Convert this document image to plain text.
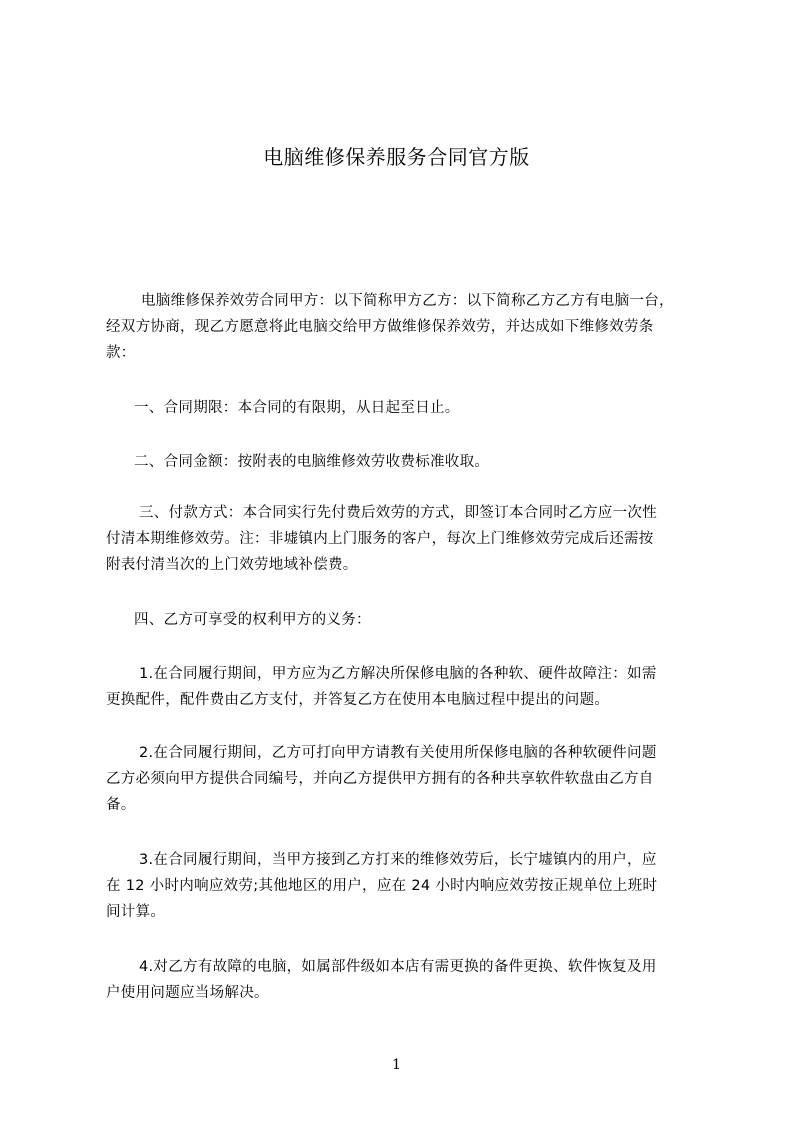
电脑维修保养服务合同官方版
电脑维修保养效劳合同甲方：以下简称甲方乙方：以下简称乙方乙方有电脑一台，
经双方协商，现乙方愿意将此电脑交给甲方做维修保养效劳，并达成如下维修效劳条
款：
一、合同期限：本合同的有限期，从日起至日止。
二、合同金额：按附表的电脑维修效劳收费标准收取。
三、付款方式：本合同实行先付费后效劳的方式，即签订本合同时乙方应一次性
付清本期维修效劳。注：非墟镇内上门服务的客户，每次上门维修效劳完成后还需按
附表付清当次的上门效劳地域补偿费。
四、乙方可享受的权利甲方的义务：
1.在合同履行期间，甲方应为乙方解决所保修电脑的各种软、硬件故障注：如需
更换配件，配件费由乙方支付，并答复乙方在使用本电脑过程中提出的问题。
2.在合同履行期间，乙方可打向甲方请教有关使用所保修电脑的各种软硬件问题
乙方必须向甲方提供合同编号，并向乙方提供甲方拥有的各种共享软件软盘由乙方自
备。
3.在合同履行期间，当甲方接到乙方打来的维修效劳后，长宁墟镇内的用户，应
在 12 小时内响应效劳;其他地区的用户，应在 24 小时内响应效劳按正规单位上班时
间计算。
4.对乙方有故障的电脑，如属部件级如本店有需更换的备件更换、软件恢复及用
户使用问题应当场解决。
1
